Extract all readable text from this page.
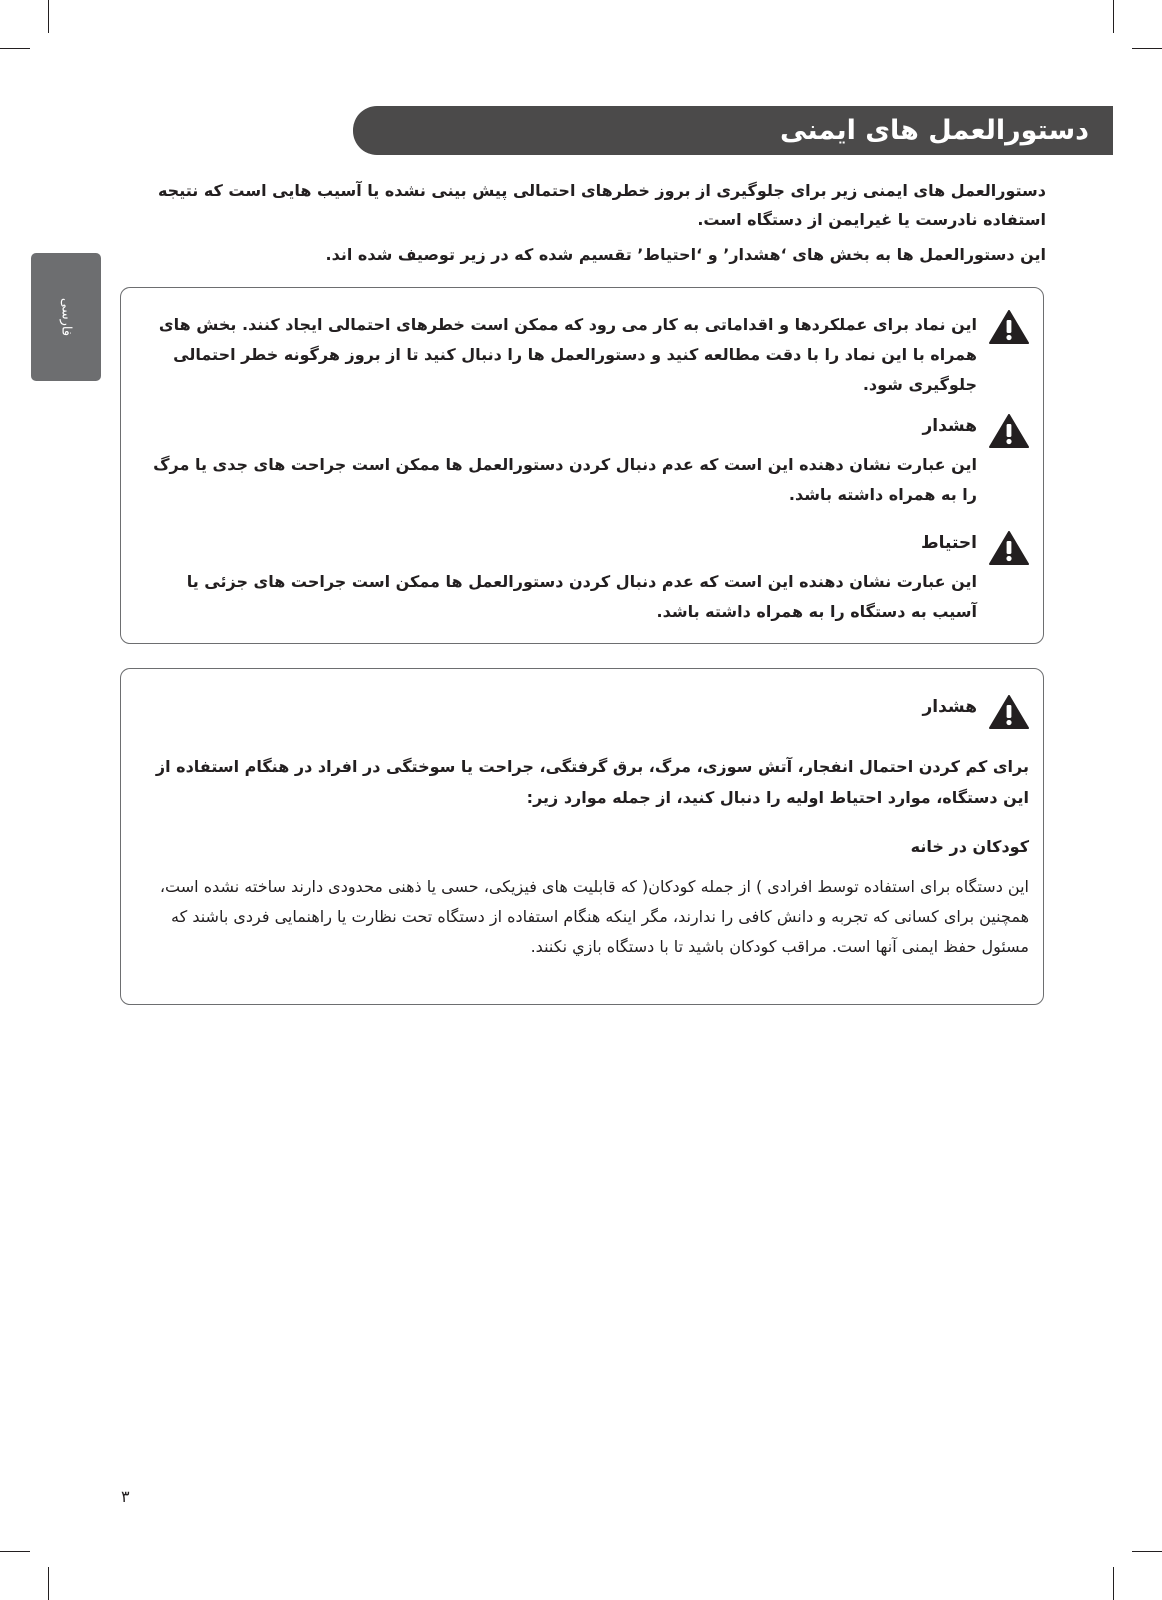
دستورالعمل های ایمنی
فارسی

دستورالعمل های ایمنی زیر برای جلوگیری از بروز خطرهای احتمالی پیش بینی نشده یا آسیب هایی است که نتیجه استفاده نادرست یا غیرایمن از دستگاه است.

این دستورالعمل ها به بخش های ‘هشدار’ و ‘احتیاط’ تقسیم شده که در زیر توصیف شده اند.

این نماد برای عملکردها و اقداماتی به کار می رود که ممکن است خطرهای احتمالی ایجاد کنند. بخش های همراه با این نماد را با دقت مطالعه کنید و دستورالعمل ها را دنبال کنید تا از بروز هرگونه خطر احتمالی جلوگیری شود.

هشدار

این عبارت نشان دهنده این است که عدم دنبال کردن دستورالعمل ها ممکن است جراحت های جدی یا مرگ را به همراه داشته باشد.

احتیاط

این عبارت نشان دهنده این است که عدم دنبال کردن دستورالعمل ها ممکن است جراحت های جزئی یا آسیب به دستگاه را به همراه داشته باشد.

هشدار

برای کم کردن احتمال انفجار، آتش سوزی، مرگ، برق گرفتگی، جراحت یا سوختگی در افراد در هنگام استفاده از این دستگاه، موارد احتیاط اولیه را دنبال کنید، از جمله موارد زیر:

کودکان در خانه

این دستگاه برای استفاده توسط افرادی ) از جمله کودکان( که قابلیت های فیزیکی، حسی یا ذهنی محدودی دارند ساخته نشده است، همچنین برای کسانی که تجربه و دانش کافی را ندارند، مگر اینکه هنگام استفاده از دستگاه تحت نظارت یا راهنمایی فردی باشند که مسئول حفظ ایمنی آنها است. مراقب کودکان باشید تا با دستگاه بازي نکنند.

۳
